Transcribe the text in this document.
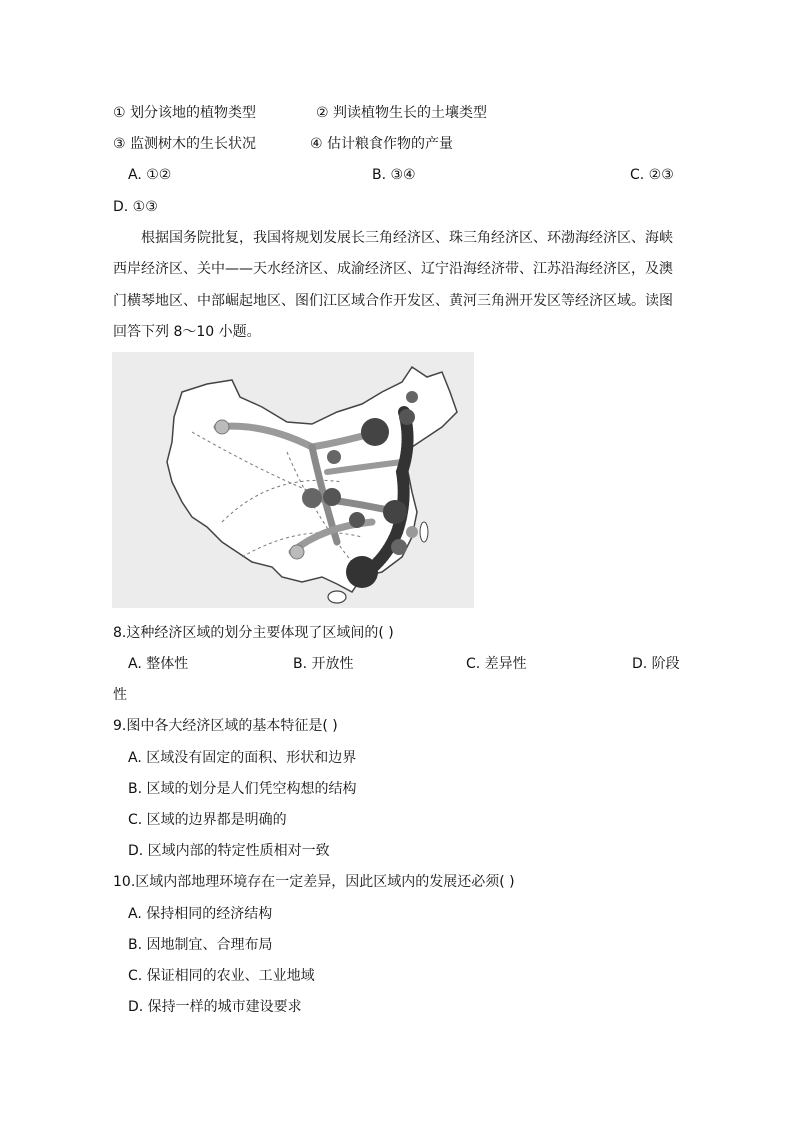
① 划分该地的植物类型	② 判读植物生长的土壤类型
③ 监测树木的生长状况	④ 估计粮食作物的产量
A. ①②	B. ③④	C. ②③
D. ①③
根据国务院批复，我国将规划发展长三角经济区、珠三角经济区、环渤海经济区、海峡
西岸经济区、关中——天水经济区、成渝经济区、辽宁沿海经济带、江苏沿海经济区，及澳
门横琴地区、中部崛起地区、图们江区域合作开发区、黄河三角洲开发区等经济区域。读图
回答下列 8～10 小题。
8.这种经济区域的划分主要体现了区域间的( )
A. 整体性	B. 开放性	C. 差异性	D. 阶段
性
9.图中各大经济区域的基本特征是( )
A. 区域没有固定的面积、形状和边界
B. 区域的划分是人们凭空构想的结构
C. 区域的边界都是明确的
D. 区域内部的特定性质相对一致
10.区域内部地理环境存在一定差异，因此区域内的发展还必须( )
A. 保持相同的经济结构
B. 因地制宜、合理布局
C. 保证相同的农业、工业地域
D. 保持一样的城市建设要求
